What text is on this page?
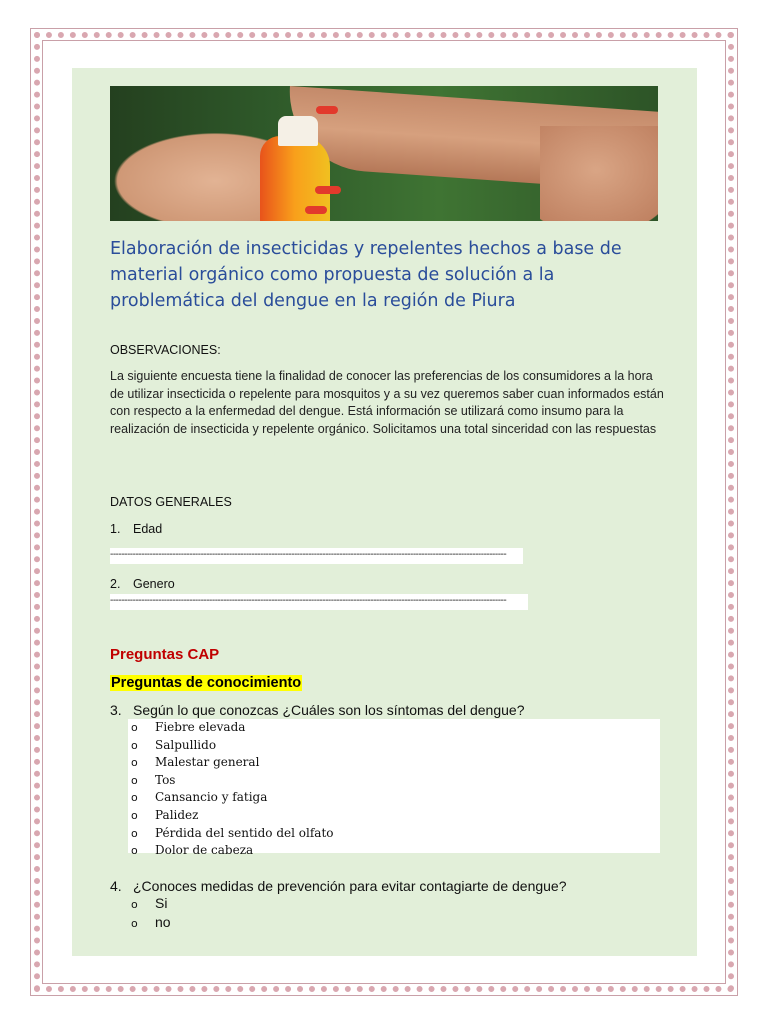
Elaboración de insecticidas y repelentes hechos a base de material orgánico como propuesta de solución a la problemática del dengue en la región de Piura
OBSERVACIONES:

La siguiente encuesta tiene la finalidad de conocer las preferencias de los consumidores a la hora de utilizar insecticida o repelente para mosquitos y a su vez queremos saber cuan informados están con respecto a la enfermedad del dengue. Está información se utilizará como insumo para la realización de insecticida y repelente orgánico. Solicitamos una total sinceridad con las respuestas

DATOS GENERALES
1. Edad
--------------------------------------------------------------------------------------------------------------------------------------------
2. Genero
--------------------------------------------------------------------------------------------------------------------------------------------
Preguntas CAP
Preguntas de conocimiento
3. Según lo que conozcas ¿Cuáles son los síntomas del dengue?
o Fiebre elevada
o Salpullido
o Malestar general
o Tos
o Cansancio y fatiga
o Palidez
o Pérdida del sentido del olfato
o Dolor de cabeza
4. ¿Conoces medidas de prevención para evitar contagiarte de dengue?
o Si
o no
